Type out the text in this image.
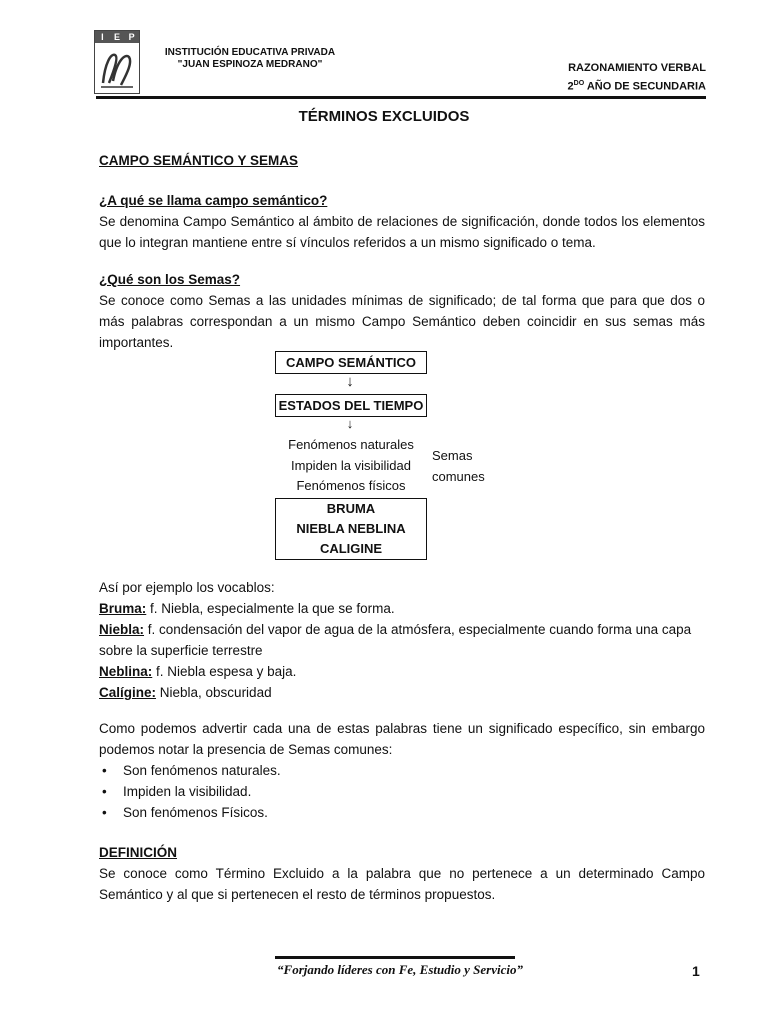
I	E P
INSTITUCIÓN EDUCATIVA PRIVADA
"JUAN ESPINOZA MEDRANO"	RAZONAMIENTO VERBAL
$2^{DO}$ AÑO DE SECUNDARIA
TÉRMINOS EXCLUIDOS

CAMPO SEMÁNTICO Y SEMAS

¿A qué se llama campo semántico?

Se denomina Campo Semántico al ámbito de relaciones de significación, donde todos los elementos que lo integran mantiene entre sí vínculos referidos a un mismo significado o tema.

¿Qué son los Semas?

Se conoce como Semas a las unidades mínimas de significado; de tal forma que para que dos o más palabras correspondan a un mismo Campo Semántico deben coincidir en sus semas más importantes.

CAMPO SEMÁNTICO
↓
ESTADOS DEL TIEMPO
↓
Fenómenos naturales
Impiden la visibilidad
Fenómenos físicos
Semas
comunes
BRUMA
NIEBLA NEBLINA
CALIGINE

Así por ejemplo los vocablos:

Bruma: f. Niebla, especialmente la que se forma.

Niebla: f. condensación del vapor de agua de la atmósfera, especialmente cuando forma una capa sobre la superficie terrestre

Neblina: f. Niebla espesa y baja.

Calígine: Niebla, obscuridad

Como podemos advertir cada una de estas palabras tiene un significado específico, sin embargo podemos notar la presencia de Semas comunes:

• Son fenómenos naturales.
• Impiden la visibilidad.
• Son fenómenos Físicos.

DEFINICIÓN

Se conoce como Término Excluido a la palabra que no pertenece a un determinado Campo Semántico y al que si pertenecen el resto de términos propuestos.

“Forjando líderes con Fe, Estudio y Servicio”	1
